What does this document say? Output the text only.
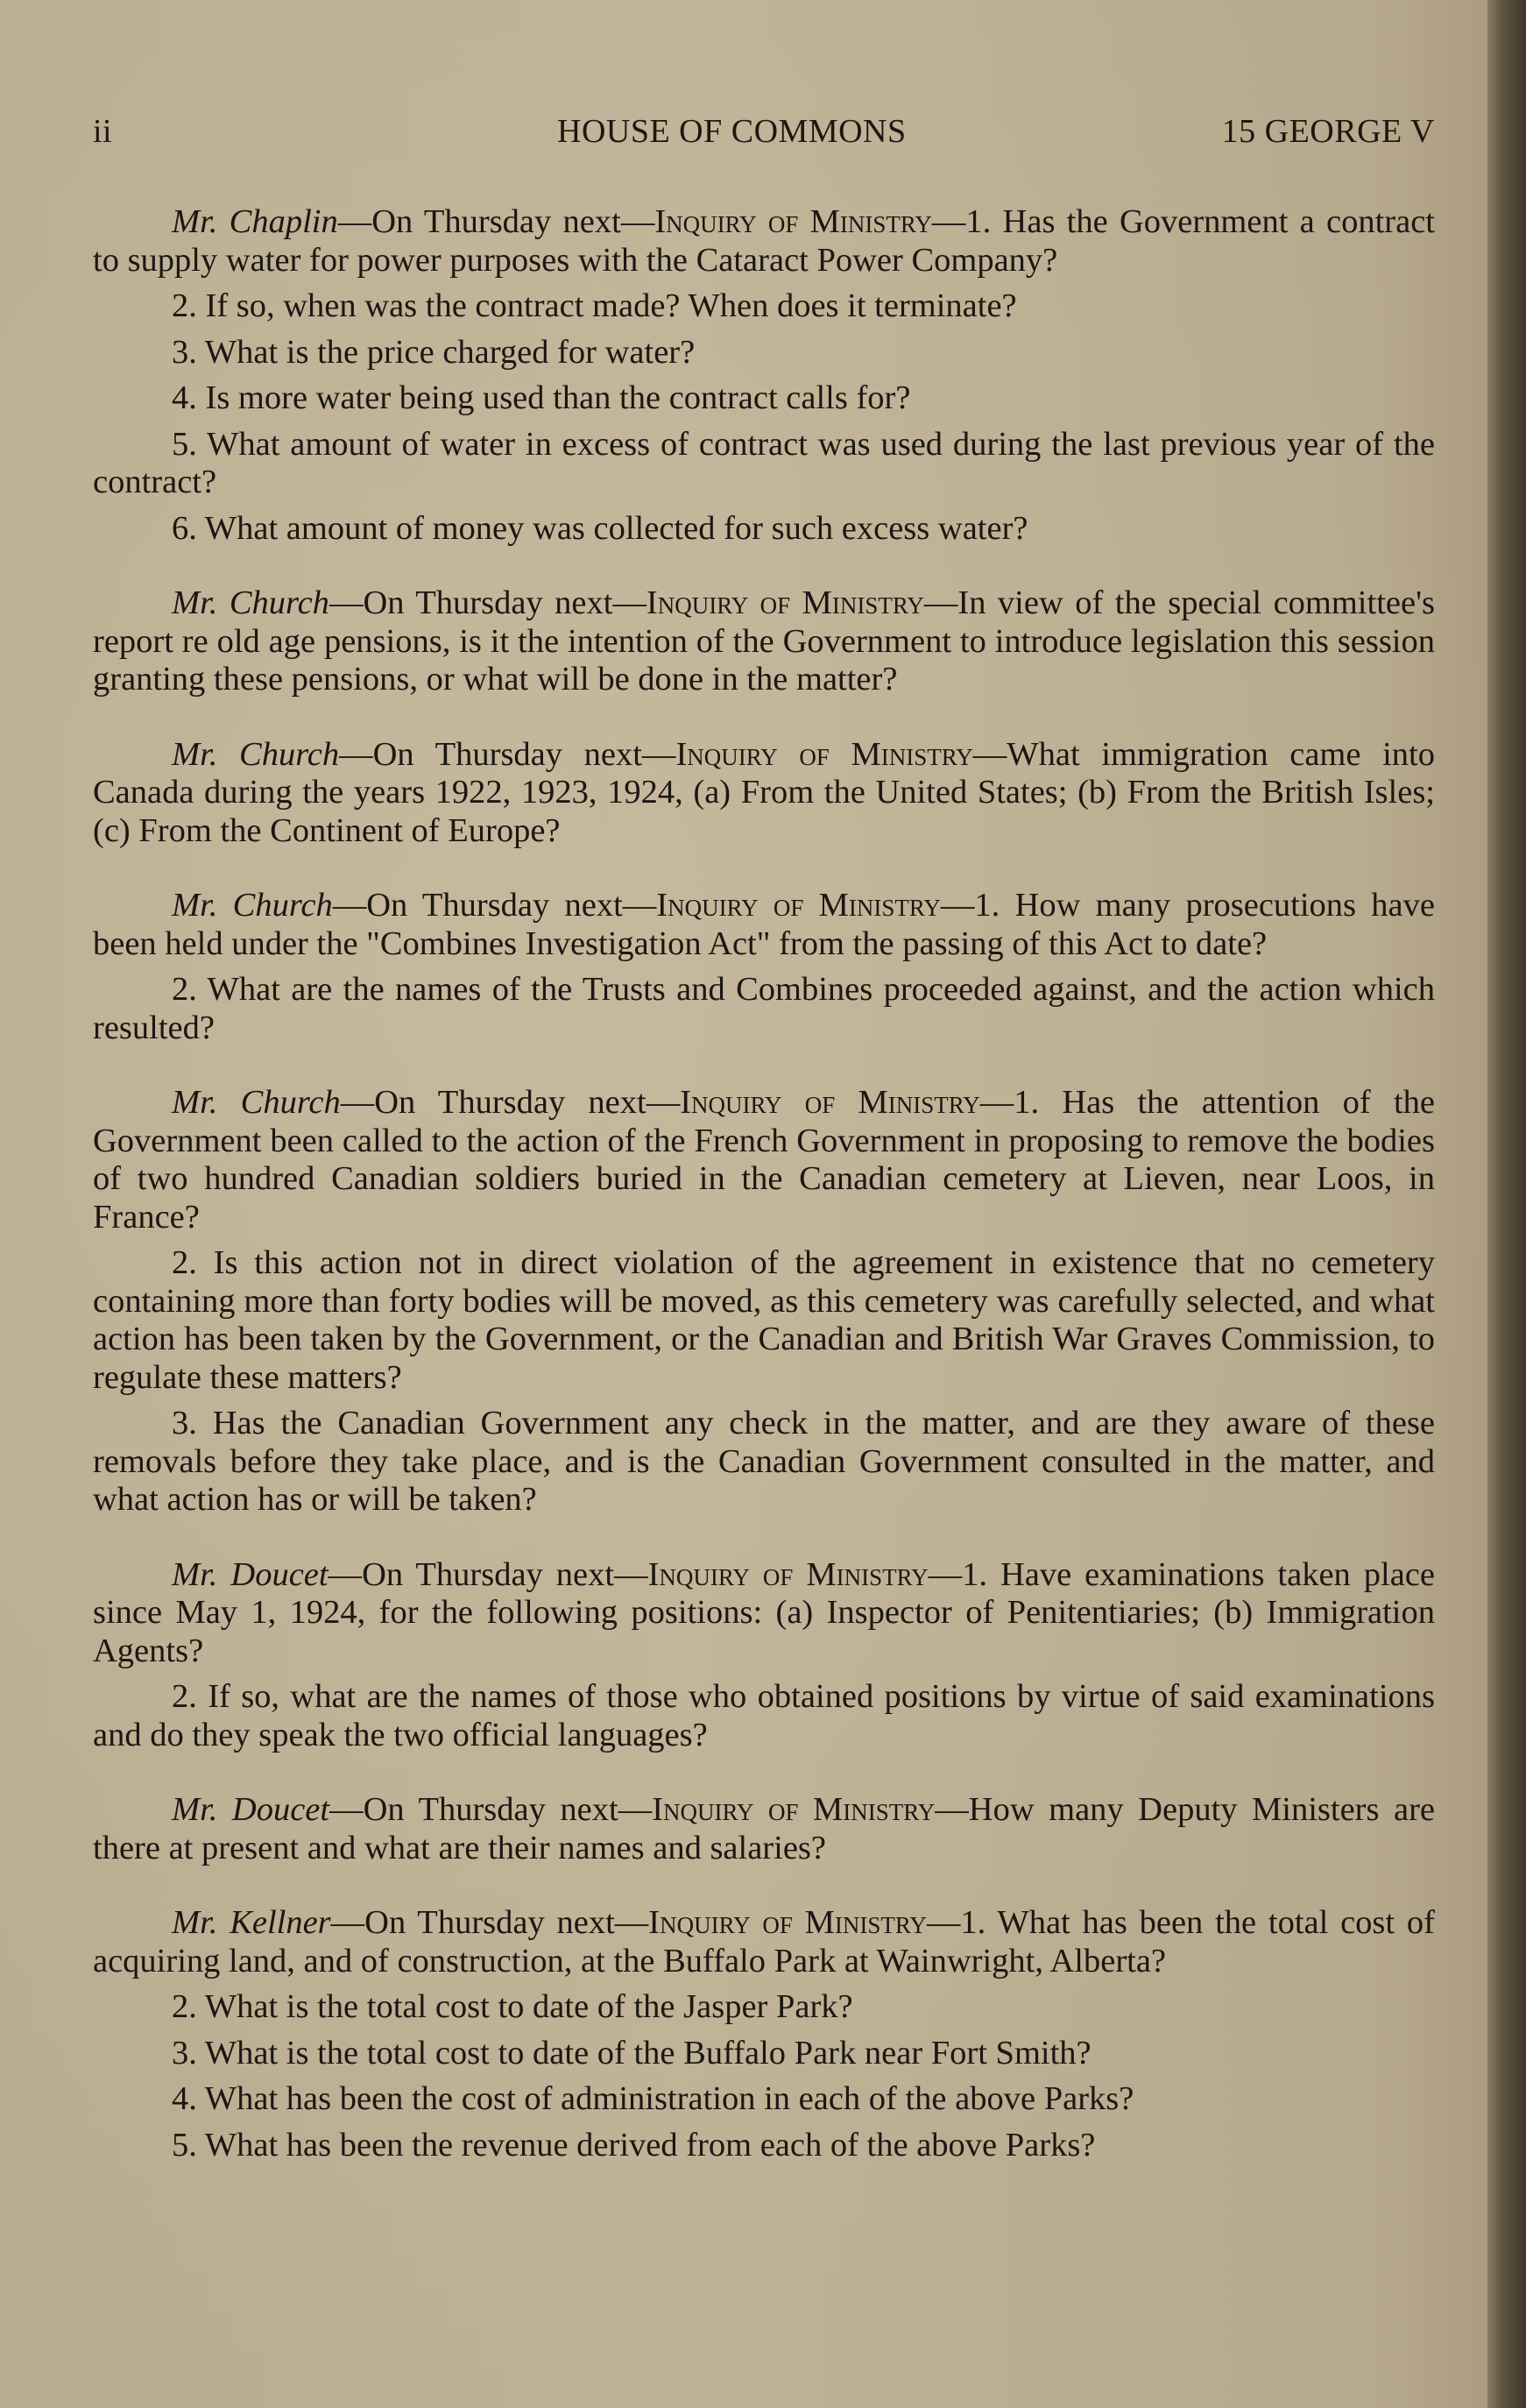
ii	HOUSE OF COMMONS	15 GEORGE V

Mr. Chaplin—On Thursday next—Inquiry of Ministry—1. Has the Government a contract to supply water for power purposes with the Cataract Power Company?

2. If so, when was the contract made? When does it terminate?

3. What is the price charged for water?

4. Is more water being used than the contract calls for?

5. What amount of water in excess of contract was used during the last previous year of the contract?

6. What amount of money was collected for such excess water?

Mr. Church—On Thursday next—Inquiry of Ministry—In view of the special committee's report re old age pensions, is it the intention of the Government to introduce legislation this session granting these pensions, or what will be done in the matter?

Mr. Church—On Thursday next—Inquiry of Ministry—What immigration came into Canada during the years 1922, 1923, 1924, (a) From the United States; (b) From the British Isles; (c) From the Continent of Europe?

Mr. Church—On Thursday next—Inquiry of Ministry—1. How many prosecutions have been held under the "Combines Investigation Act" from the passing of this Act to date?

2. What are the names of the Trusts and Combines proceeded against, and the action which resulted?

Mr. Church—On Thursday next—Inquiry of Ministry—1. Has the attention of the Government been called to the action of the French Government in proposing to remove the bodies of two hundred Canadian soldiers buried in the Canadian cemetery at Lieven, near Loos, in France?

2. Is this action not in direct violation of the agreement in existence that no cemetery containing more than forty bodies will be moved, as this cemetery was carefully selected, and what action has been taken by the Government, or the Canadian and British War Graves Commission, to regulate these matters?

3. Has the Canadian Government any check in the matter, and are they aware of these removals before they take place, and is the Canadian Government consulted in the matter, and what action has or will be taken?

Mr. Doucet—On Thursday next—Inquiry of Ministry—1. Have examinations taken place since May 1, 1924, for the following positions: (a) Inspector of Penitentiaries; (b) Immigration Agents?

2. If so, what are the names of those who obtained positions by virtue of said examinations and do they speak the two official languages?

Mr. Doucet—On Thursday next—Inquiry of Ministry—How many Deputy Ministers are there at present and what are their names and salaries?

Mr. Kellner—On Thursday next—Inquiry of Ministry—1. What has been the total cost of acquiring land, and of construction, at the Buffalo Park at Wainwright, Alberta?

2. What is the total cost to date of the Jasper Park?

3. What is the total cost to date of the Buffalo Park near Fort Smith?

4. What has been the cost of administration in each of the above Parks?

5. What has been the revenue derived from each of the above Parks?
